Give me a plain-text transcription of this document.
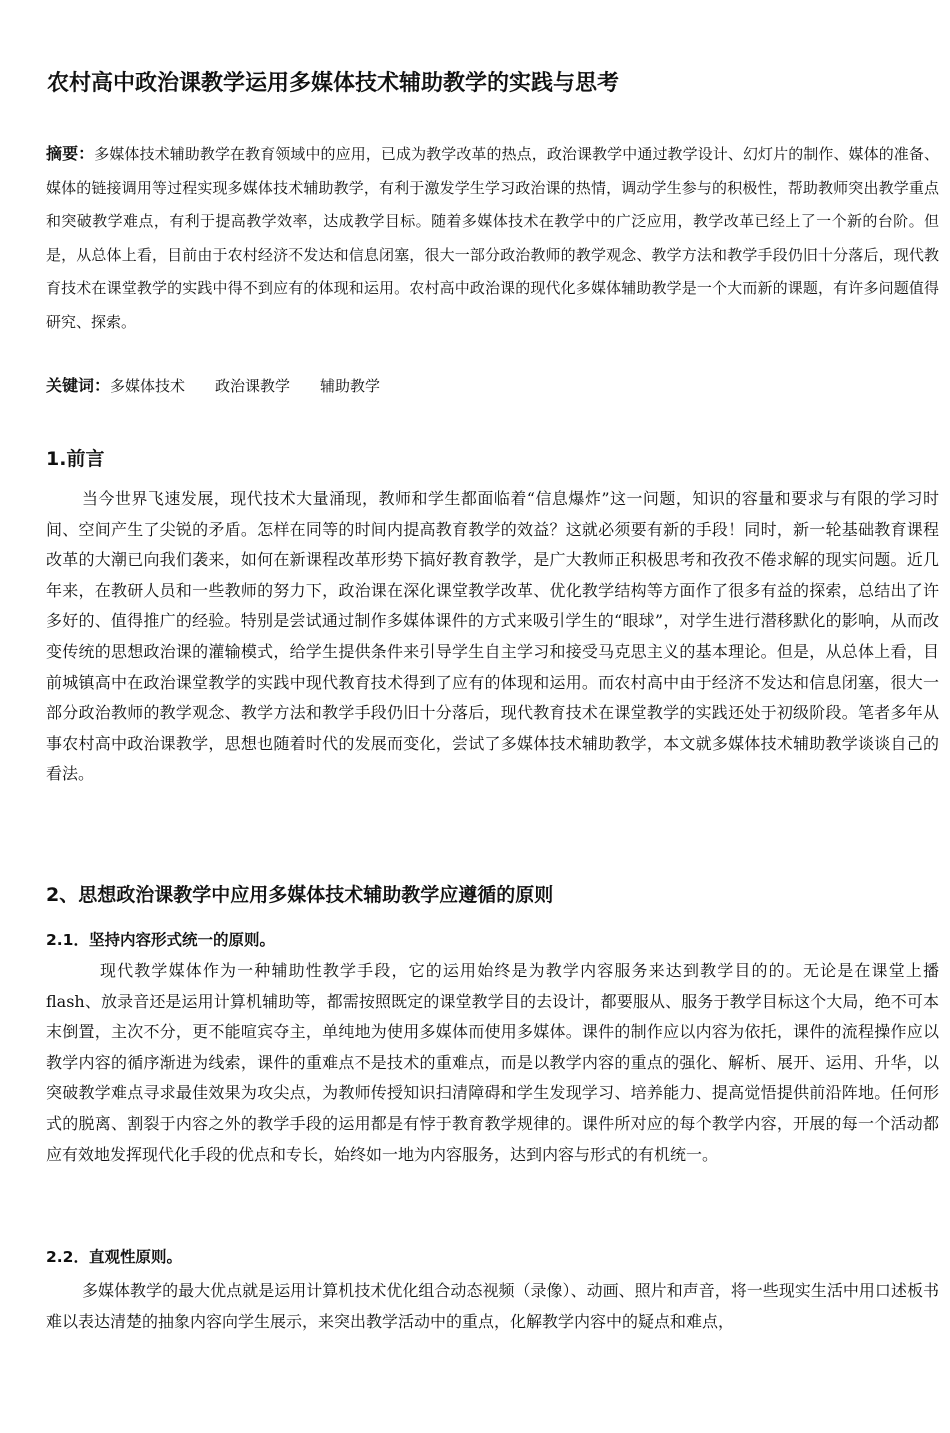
农村高中政治课教学运用多媒体技术辅助教学的实践与思考
摘要：多媒体技术辅助教学在教育领域中的应用，已成为教学改革的热点，政治课教学中通过教学设计、幻灯片的制作、媒体的准备、媒体的链接调用等过程实现多媒体技术辅助教学，有利于激发学生学习政治课的热情，调动学生参与的积极性，帮助教师突出教学重点和突破教学难点，有利于提高教学效率，达成教学目标。随着多媒体技术在教学中的广泛应用，教学改革已经上了一个新的台阶。但是，从总体上看，目前由于农村经济不发达和信息闭塞，很大一部分政治教师的教学观念、教学方法和教学手段仍旧十分落后，现代教育技术在课堂教学的实践中得不到应有的体现和运用。农村高中政治课的现代化多媒体辅助教学是一个大而新的课题，有许多问题值得研究、探索。
关键词：多媒体技术 政治课教学 辅助教学
1.前言
当今世界飞速发展，现代技术大量涌现，教师和学生都面临着“信息爆炸”这一问题，知识的容量和要求与有限的学习时间、空间产生了尖锐的矛盾。怎样在同等的时间内提高教育教学的效益？这就必须要有新的手段！同时，新一轮基础教育课程改革的大潮已向我们袭来，如何在新课程改革形势下搞好教育教学，是广大教师正积极思考和孜孜不倦求解的现实问题。近几年来，在教研人员和一些教师的努力下，政治课在深化课堂教学改革、优化教学结构等方面作了很多有益的探索，总结出了许多好的、值得推广的经验。特别是尝试通过制作多媒体课件的方式来吸引学生的“眼球”，对学生进行潜移默化的影响，从而改变传统的思想政治课的灌输模式，给学生提供条件来引导学生自主学习和接受马克思主义的基本理论。但是，从总体上看，目前城镇高中在政治课堂教学的实践中现代教育技术得到了应有的体现和运用。而农村高中由于经济不发达和信息闭塞，很大一部分政治教师的教学观念、教学方法和教学手段仍旧十分落后，现代教育技术在课堂教学的实践还处于初级阶段。笔者多年从事农村高中政治课教学，思想也随着时代的发展而变化，尝试了多媒体技术辅助教学，本文就多媒体技术辅助教学谈谈自己的看法。
2、思想政治课教学中应用多媒体技术辅助教学应遵循的原则
2.1．坚持内容形式统一的原则。
现代教学媒体作为一种辅助性教学手段，它的运用始终是为教学内容服务来达到教学目的的。无论是在课堂上播 flash、放录音还是运用计算机辅助等，都需按照既定的课堂教学目的去设计，都要服从、服务于教学目标这个大局，绝不可本末倒置，主次不分，更不能喧宾夺主，单纯地为使用多媒体而使用多媒体。课件的制作应以内容为依托，课件的流程操作应以教学内容的循序渐进为线索，课件的重难点不是技术的重难点，而是以教学内容的重点的强化、解析、展开、运用、升华，以突破教学难点寻求最佳效果为攻尖点，为教师传授知识扫清障碍和学生发现学习、培养能力、提高觉悟提供前沿阵地。任何形式的脱离、割裂于内容之外的教学手段的运用都是有悖于教育教学规律的。课件所对应的每个教学内容，开展的每一个活动都应有效地发挥现代化手段的优点和专长，始终如一地为内容服务，达到内容与形式的有机统一。
2.2．直观性原则。
多媒体教学的最大优点就是运用计算机技术优化组合动态视频（录像）、动画、照片和声音，将一些现实生活中用口述板书难以表达清楚的抽象内容向学生展示，来突出教学活动中的重点，化解教学内容中的疑点和难点，
